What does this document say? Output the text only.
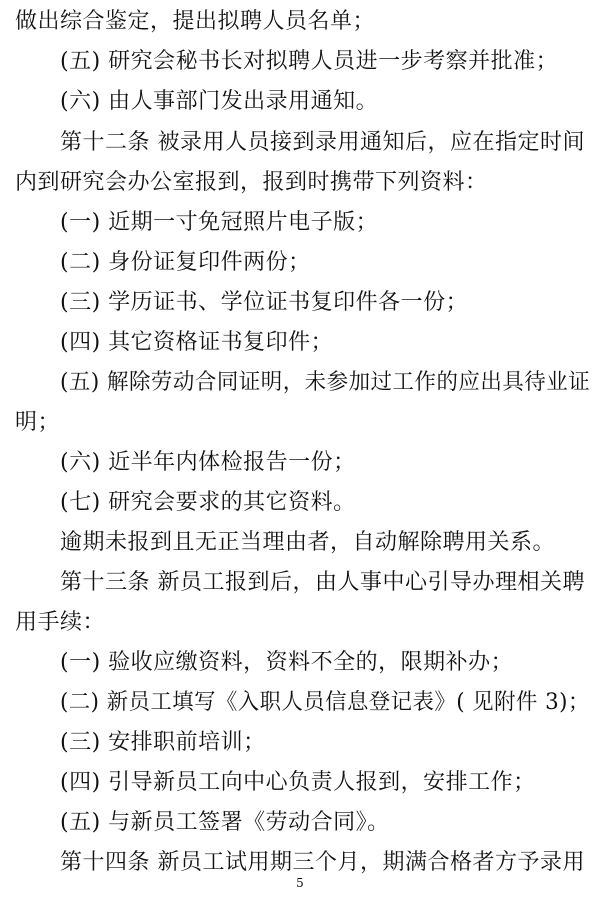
做出综合鉴定，提出拟聘人员名单；
(五) 研究会秘书长对拟聘人员进一步考察并批准；
(六) 由人事部门发出录用通知。
第十二条 被录用人员接到录用通知后，应在指定时间
内到研究会办公室报到，报到时携带下列资料：
(一) 近期一寸免冠照片电子版；
(二) 身份证复印件两份；
(三) 学历证书、学位证书复印件各一份；
(四) 其它资格证书复印件；
(五) 解除劳动合同证明，未参加过工作的应出具待业证
明；
(六) 近半年内体检报告一份；
(七) 研究会要求的其它资料。
逾期未报到且无正当理由者，自动解除聘用关系。
第十三条 新员工报到后，由人事中心引导办理相关聘
用手续：
(一) 验收应缴资料，资料不全的，限期补办；
(二) 新员工填写《入职人员信息登记表》( 见附件 3)；
(三) 安排职前培训；
(四) 引导新员工向中心负责人报到，安排工作；
(五) 与新员工签署《劳动合同》。
第十四条 新员工试用期三个月，期满合格者方予录用
5
